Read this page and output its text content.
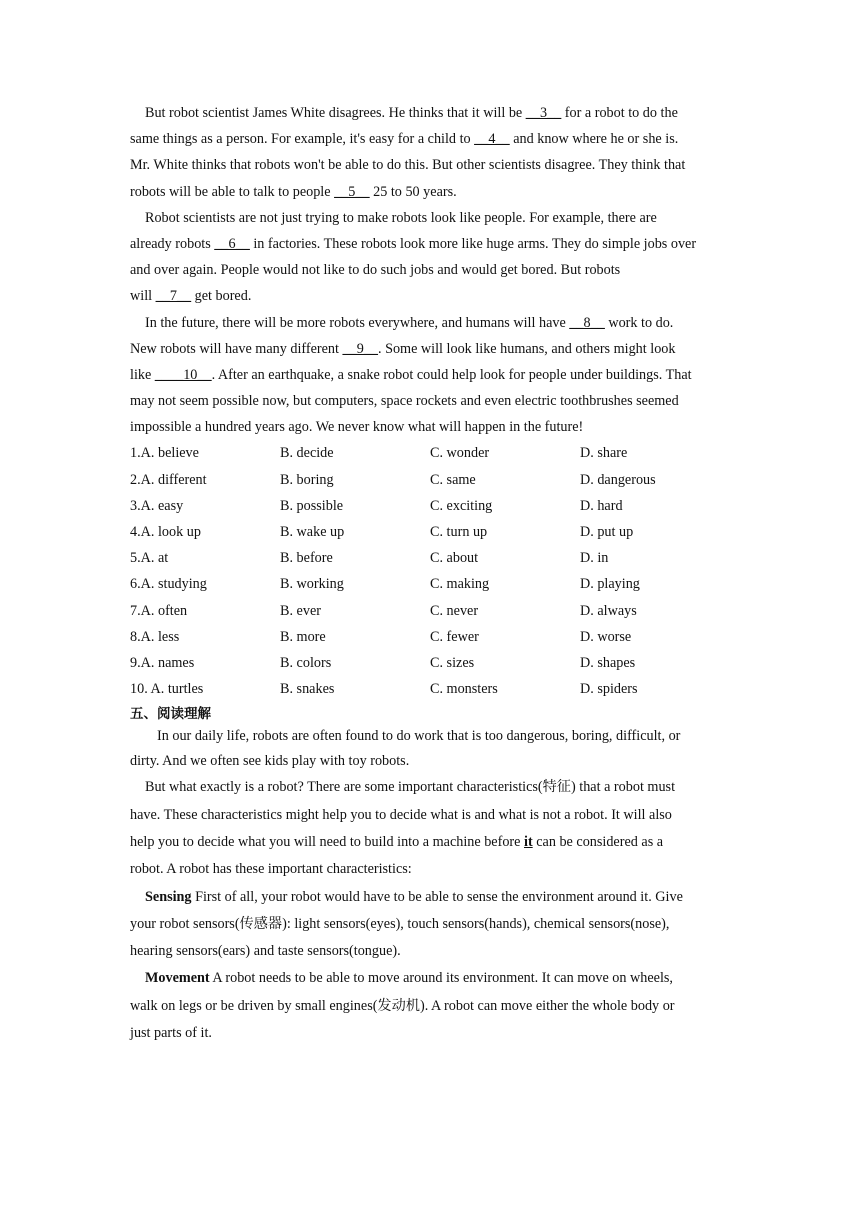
But robot scientist James White disagrees. He thinks that it will be __3__ for a robot to do the
same things as a person. For example, it's easy for a child to __4__ and know where he or she is.
Mr. White thinks that robots won't be able to do this. But other scientists disagree. They think that
robots will be able to talk to people __5__ 25 to 50 years.
Robot scientists are not just trying to make robots look like people. For example, there are
already robots __6__ in factories. These robots look more like huge arms. They do simple jobs over
and over again. People would not like to do such jobs and would get bored. But robots
will __7__ get bored.
In the future, there will be more robots everywhere, and humans will have __8__ work to do.
New robots will have many different __9__. Some will look like humans, and others might look
like ____10__. After an earthquake, a snake robot could help look for people under buildings. That
may not seem possible now, but computers, space rockets and even electric toothbrushes seemed
impossible a hundred years ago. We never know what will happen in the future!
1.A. believe	B. decide	C. wonder	D. share
2.A. different	B. boring	C. same	D. dangerous
3.A. easy	B. possible	C. exciting	D. hard
4.A. look up	B. wake up	C. turn up	D. put up
5.A. at	B. before	C. about	D. in
6.A. studying	B. working	C. making	D. playing
7.A. often	B. ever	C. never	D. always
8.A. less	B. more	C. fewer	D. worse
9.A. names	B. colors	C. sizes	D. shapes
10. A. turtles	B. snakes	C. monsters	D. spiders
五、阅读理解
In our daily life, robots are often found to do work that is too dangerous, boring, difficult, or
dirty. And we often see kids play with toy robots.
But what exactly is a robot? There are some important characteristics(特征) that a robot must
have. These characteristics might help you to decide what is and what is not a robot. It will also
help you to decide what you will need to build into a machine before it can be considered as a
robot. A robot has these important characteristics:
Sensing First of all, your robot would have to be able to sense the environment around it. Give
your robot sensors(传感器): light sensors(eyes), touch sensors(hands), chemical sensors(nose),
hearing sensors(ears) and taste sensors(tongue).
Movement A robot needs to be able to move around its environment. It can move on wheels,
walk on legs or be driven by small engines(发动机). A robot can move either the whole body or
just parts of it.
